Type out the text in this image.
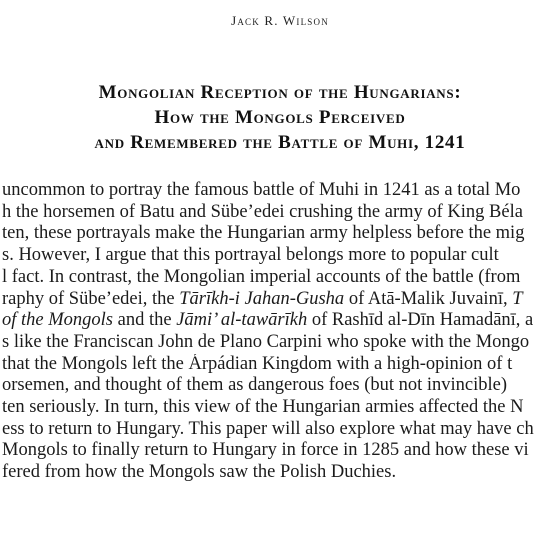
Jack R. Wilson
Mongolian Reception of the Hungarians:
How the Mongols Perceived
and Remembered the Battle of Muhi, 1241
uncommon to portray the famous battle of Muhi in 1241 as a total Mo
h the horsemen of Batu and Sübe’edei crushing the army of King Béla
ten, these portrayals make the Hungarian army helpless before the mig
s. However, I argue that this portrayal belongs more to popular cult
l fact. In contrast, the Mongolian imperial accounts of the battle (from
raphy of Sübe’edei, the Tārīkh-i Jahan-Gusha of Atā-Malik Juvainī, T
of the Mongols and the Jāmi’ al-tawārīkh of Rashīd al-Dīn Hamadānī, a
s like the Franciscan John de Plano Carpini who spoke with the Mongo
that the Mongols left the Árpádian Kingdom with a high-opinion of t
orsemen, and thought of them as dangerous foes (but not invincible)
ten seriously. In turn, this view of the Hungarian armies affected the N
ess to return to Hungary. This paper will also explore what may have ch
Mongols to finally return to Hungary in force in 1285 and how these vi
fered from how the Mongols saw the Polish Duchies.
